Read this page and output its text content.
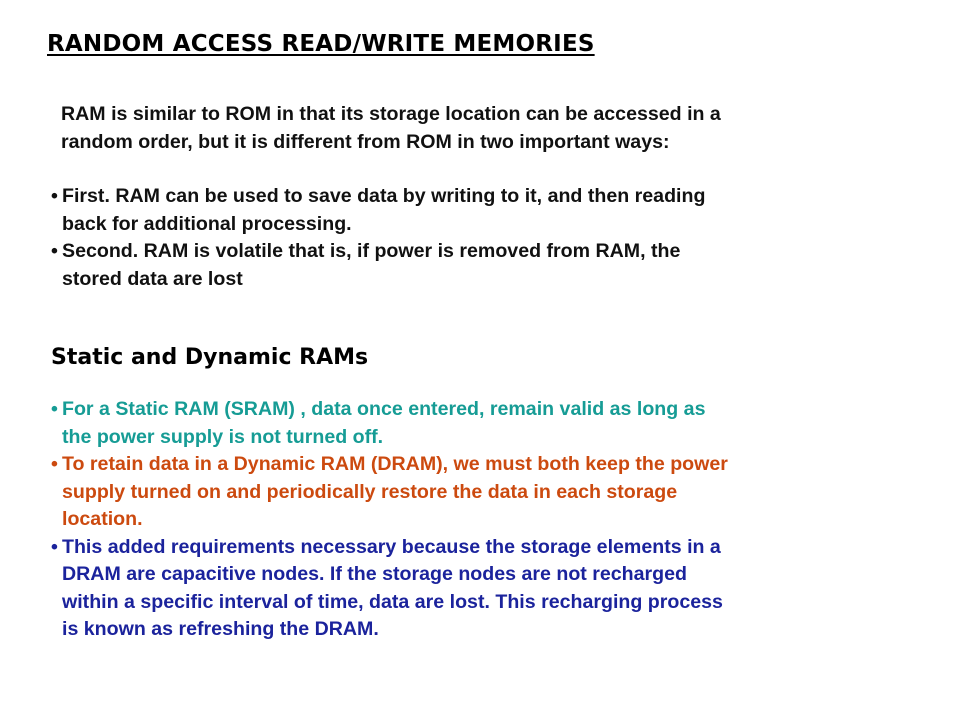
RANDOM ACCESS READ/WRITE MEMORIES

RAM is similar to ROM in that its storage location can be accessed in a
random order, but it is different from ROM in two important ways:

• First. RAM can be used to save data by writing to it, and then reading
back for additional processing.

• Second. RAM is volatile that is, if power is removed from RAM, the
stored data are lost

Static and Dynamic RAMs

• For a Static RAM (SRAM) , data once entered, remain valid as long as
the power supply is not turned off.

• To retain data in a Dynamic RAM (DRAM), we must both keep the power
supply turned on and periodically restore the data in each storage
location.

• This added requirements necessary because the storage elements in a
DRAM are capacitive nodes. If the storage nodes are not recharged
within a specific interval of time, data are lost. This recharging process
is known as refreshing the DRAM.
